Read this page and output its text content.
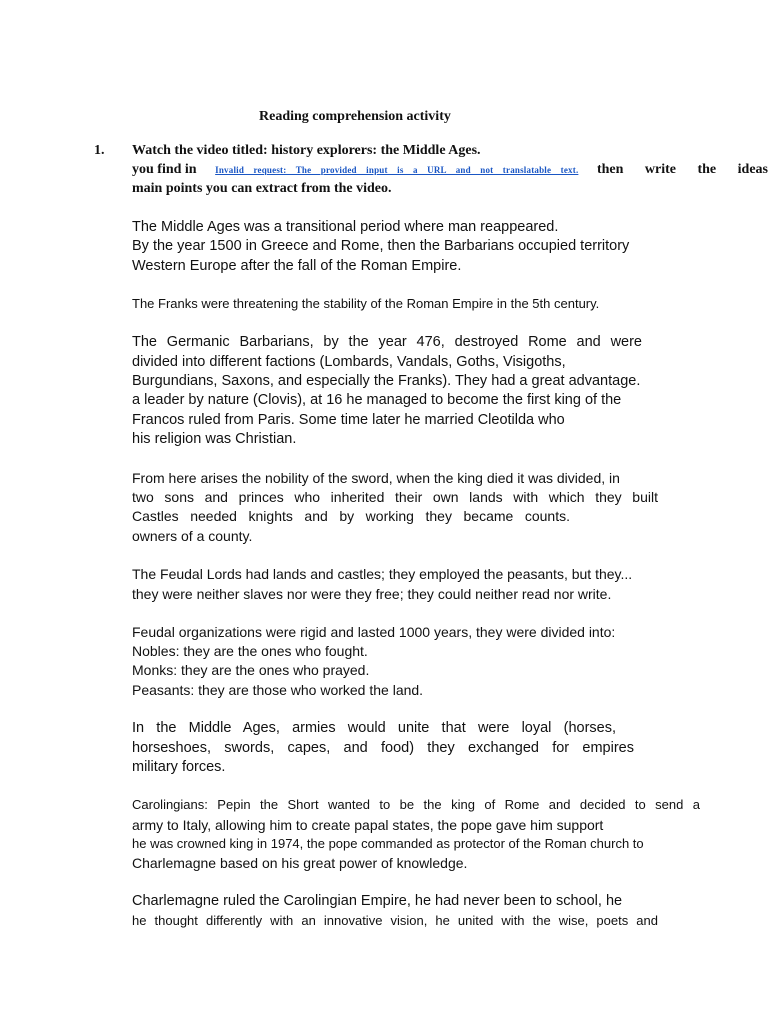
Reading comprehension activity
1. Watch the video titled: history explorers: the Middle Ages.
you find in Invalid request: The provided input is a URL and not translatable text. then write the ideas
main points you can extract from the video.
The Middle Ages was a transitional period where man reappeared.
By the year 1500 in Greece and Rome, then the Barbarians occupied territory
Western Europe after the fall of the Roman Empire.
The Franks were threatening the stability of the Roman Empire in the 5th century.
The Germanic Barbarians, by the year 476, destroyed Rome and were
divided into different factions (Lombards, Vandals, Goths, Visigoths,
Burgundians, Saxons, and especially the Franks). They had a great advantage.
a leader by nature (Clovis), at 16 he managed to become the first king of the
Francos ruled from Paris. Some time later he married Cleotilda who
his religion was Christian.
From here arises the nobility of the sword, when the king died it was divided, in
two sons and princes who inherited their own lands with which they built
Castles needed knights and by working they became counts.
owners of a county.
The Feudal Lords had lands and castles; they employed the peasants, but they...
they were neither slaves nor were they free; they could neither read nor write.
Feudal organizations were rigid and lasted 1000 years, they were divided into:
Nobles: they are the ones who fought.
Monks: they are the ones who prayed.
Peasants: they are those who worked the land.
In the Middle Ages, armies would unite that were loyal (horses,
horseshoes, swords, capes, and food) they exchanged for empires
military forces.
Carolingians: Pepin the Short wanted to be the king of Rome and decided to send a
army to Italy, allowing him to create papal states, the pope gave him support
he was crowned king in 1974, the pope commanded as protector of the Roman church to
Charlemagne based on his great power of knowledge.
Charlemagne ruled the Carolingian Empire, he had never been to school, he
he thought differently with an innovative vision, he united with the wise, poets and
